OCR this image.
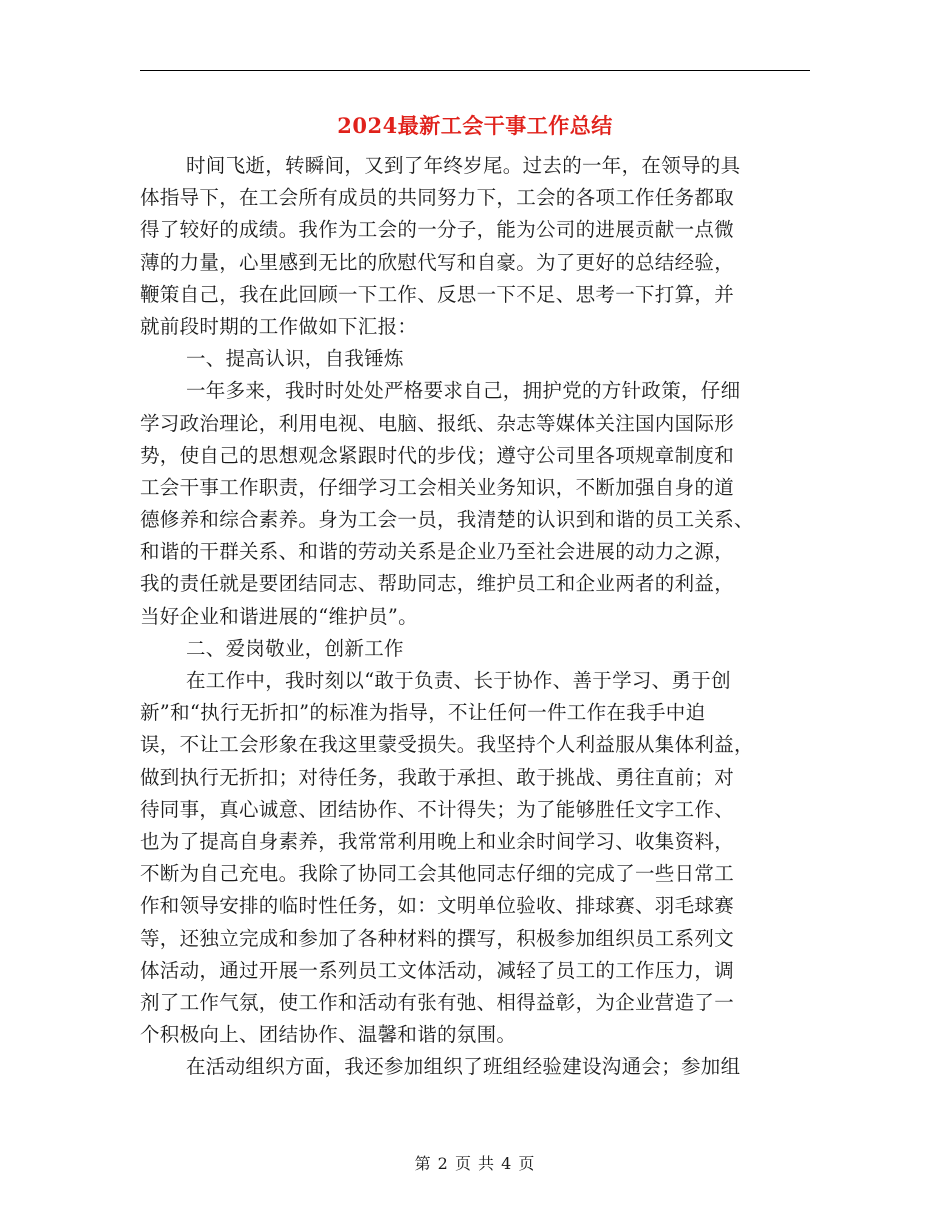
2024最新工会干事工作总结
时间飞逝，转瞬间，又到了年终岁尾。过去的一年，在领导的具
体指导下，在工会所有成员的共同努力下，工会的各项工作任务都取
得了较好的成绩。我作为工会的一分子，能为公司的进展贡献一点微
薄的力量，心里感到无比的欣慰代写和自豪。为了更好的总结经验，
鞭策自己，我在此回顾一下工作、反思一下不足、思考一下打算，并
就前段时期的工作做如下汇报：
一、提高认识，自我锤炼
一年多来，我时时处处严格要求自己，拥护党的方针政策，仔细
学习政治理论，利用电视、电脑、报纸、杂志等媒体关注国内国际形
势，使自己的思想观念紧跟时代的步伐；遵守公司里各项规章制度和
工会干事工作职责，仔细学习工会相关业务知识，不断加强自身的道
德修养和综合素养。身为工会一员，我清楚的认识到和谐的员工关系、
和谐的干群关系、和谐的劳动关系是企业乃至社会进展的动力之源，
我的责任就是要团结同志、帮助同志，维护员工和企业两者的利益，
当好企业和谐进展的“维护员”。
二、爱岗敬业，创新工作
在工作中，我时刻以“敢于负责、长于协作、善于学习、勇于创
新”和“执行无折扣”的标准为指导，不让任何一件工作在我手中迫
误，不让工会形象在我这里蒙受损失。我坚持个人利益服从集体利益，
做到执行无折扣；对待任务，我敢于承担、敢于挑战、勇往直前；对
待同事，真心诚意、团结协作、不计得失；为了能够胜任文字工作、
也为了提高自身素养，我常常利用晚上和业余时间学习、收集资料，
不断为自己充电。我除了协同工会其他同志仔细的完成了一些日常工
作和领导安排的临时性任务，如：文明单位验收、排球赛、羽毛球赛
等，还独立完成和参加了各种材料的撰写，积极参加组织员工系列文
体活动，通过开展一系列员工文体活动，减轻了员工的工作压力，调
剂了工作气氛，使工作和活动有张有弛、相得益彰，为企业营造了一
个积极向上、团结协作、温馨和谐的氛围。
在活动组织方面，我还参加组织了班组经验建设沟通会；参加组
第 2 页 共 4 页
